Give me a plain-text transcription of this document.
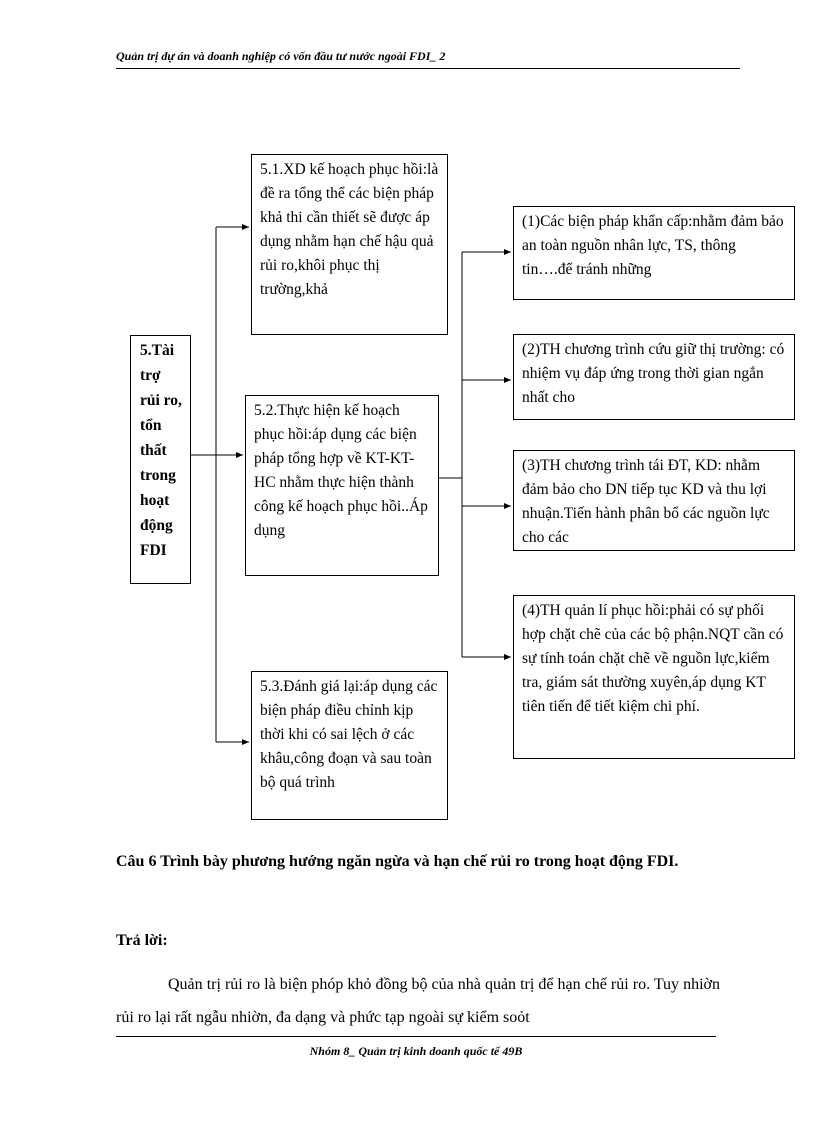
Quản trị dự án và doanh nghiệp có vốn đầu tư nước ngoài FDI_ 2
5.Tài trợ rủi ro, tổn thất trong hoạt động FDI
5.1.XD kế hoạch phục hồi:là đề ra tổng thể các biện pháp khả thi cần thiết sẽ được áp dụng nhằm hạn chế hậu quả rủi ro,khôi phục thị trường,khả
5.2.Thực hiện kế hoạch phục hồi:áp dụng các biện pháp tổng hợp về KT-KT-HC nhằm thực hiện thành công kế hoạch phục hồi..Áp dụng
5.3.Đánh giá lại:áp dụng các biện pháp điều chỉnh kịp thời khi có sai lệch ở các khâu,công đoạn và sau toàn bộ quá trình
(1)Các biện pháp khẩn cấp:nhằm đảm bảo an toàn nguồn nhân lực, TS, thông tin….để tránh những
(2)TH chương trình cứu giữ thị trường: có nhiệm vụ đáp ứng trong thời gian ngắn nhất cho
(3)TH chương trình tái ĐT, KD: nhằm đảm bảo cho DN tiếp tục KD và thu lợi nhuận.Tiến hành phân bổ các nguồn lực cho các
(4)TH quản lí phục hồi:phải có sự phối hợp chặt chẽ của các bộ phận.NQT cần có sự tính toán chặt chẽ về nguồn lực,kiểm tra, giám sát thường xuyên,áp dụng KT tiên tiến để tiết kiệm chi phí.
Câu 6 Trình bày phương hướng ngăn ngừa và hạn chế rủi ro trong hoạt động FDI.
Trả lời:
Quản trị rủi ro là biện phóp khỏ đồng bộ của nhà quản trị để hạn chế rủi ro. Tuy nhiờn rủi ro lại rất ngẫu nhiờn, đa dạng và phức tạp ngoài sự kiểm soỏt
Nhóm 8_ Quản trị kinh doanh quốc tế 49B
